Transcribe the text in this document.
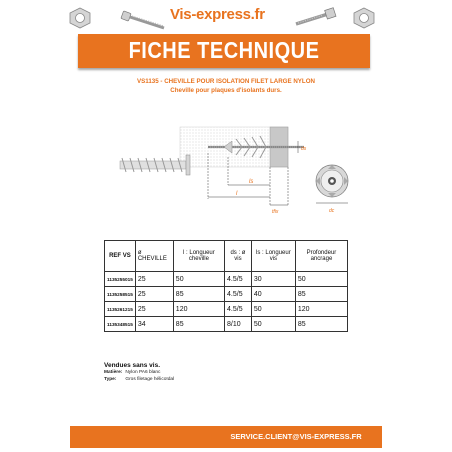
Vis-express.fr
FICHE TECHNIQUE
VS1135 - CHEVILLE POUR ISOLATION FILET LARGE NYLON
Cheville pour plaques d'isolants durs.
ls
l
tfix
ds
dc
REF VS	ø CHEVILLE	l : Longueur cheville	ds : ø vis	ls : Longueur vis	Profondeur ancrage
1135255015	25	50	4.5/5	30	50
1135258515	25	85	4.5/5	40	85
1135261215	25	120	4.5/5	50	120
1135348515	34	85	8/10	50	85
Vendues sans vis.
Matière: Nylon PA6 blanc
Type: Gros filetage hélicoïdal
SERVICE.CLIENT@VIS-EXPRESS.FR
